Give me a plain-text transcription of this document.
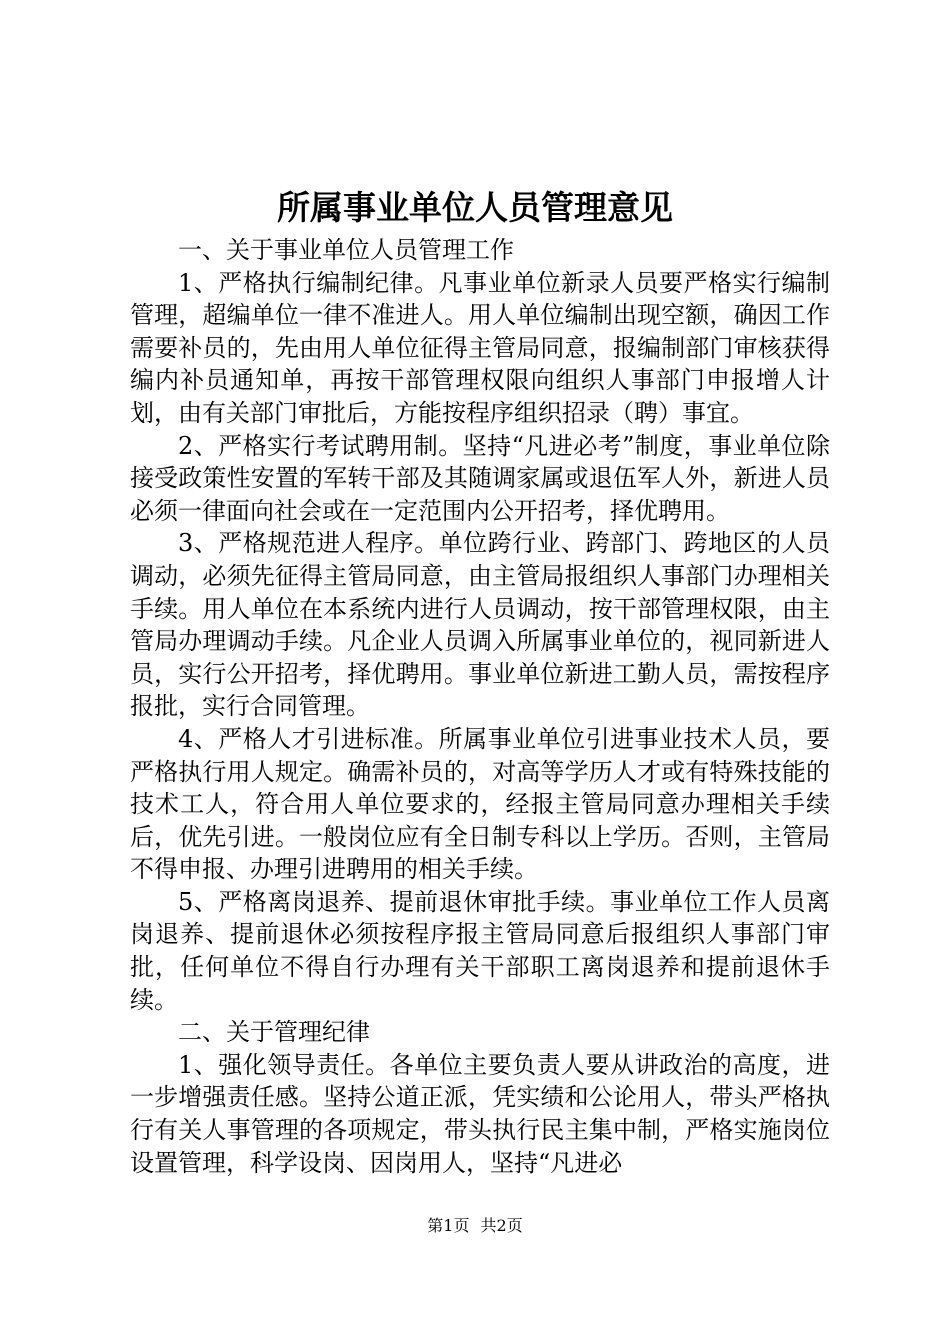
所属事业单位人员管理意见

一、关于事业单位人员管理工作

1、严格执行编制纪律。凡事业单位新录人员要严格实行编制管理，超编单位一律不准进人。用人单位编制出现空额，确因工作需要补员的，先由用人单位征得主管局同意，报编制部门审核获得编内补员通知单，再按干部管理权限向组织人事部门申报增人计划，由有关部门审批后，方能按程序组织招录（聘）事宜。

2、严格实行考试聘用制。坚持“凡进必考”制度，事业单位除接受政策性安置的军转干部及其随调家属或退伍军人外，新进人员必须一律面向社会或在一定范围内公开招考，择优聘用。

3、严格规范进人程序。单位跨行业、跨部门、跨地区的人员调动，必须先征得主管局同意，由主管局报组织人事部门办理相关手续。用人单位在本系统内进行人员调动，按干部管理权限，由主管局办理调动手续。凡企业人员调入所属事业单位的，视同新进人员，实行公开招考，择优聘用。事业单位新进工勤人员，需按程序报批，实行合同管理。

4、严格人才引进标准。所属事业单位引进事业技术人员，要严格执行用人规定。确需补员的，对高等学历人才或有特殊技能的技术工人，符合用人单位要求的，经报主管局同意办理相关手续后，优先引进。一般岗位应有全日制专科以上学历。否则，主管局不得申报、办理引进聘用的相关手续。

5、严格离岗退养、提前退休审批手续。事业单位工作人员离岗退养、提前退休必须按程序报主管局同意后报组织人事部门审批，任何单位不得自行办理有关干部职工离岗退养和提前退休手续。

二、关于管理纪律

1、强化领导责任。各单位主要负责人要从讲政治的高度，进一步增强责任感。坚持公道正派，凭实绩和公论用人，带头严格执行有关人事管理的各项规定，带头执行民主集中制，严格实施岗位设置管理，科学设岗、因岗用人，坚持“凡进必

第1页 共2页
